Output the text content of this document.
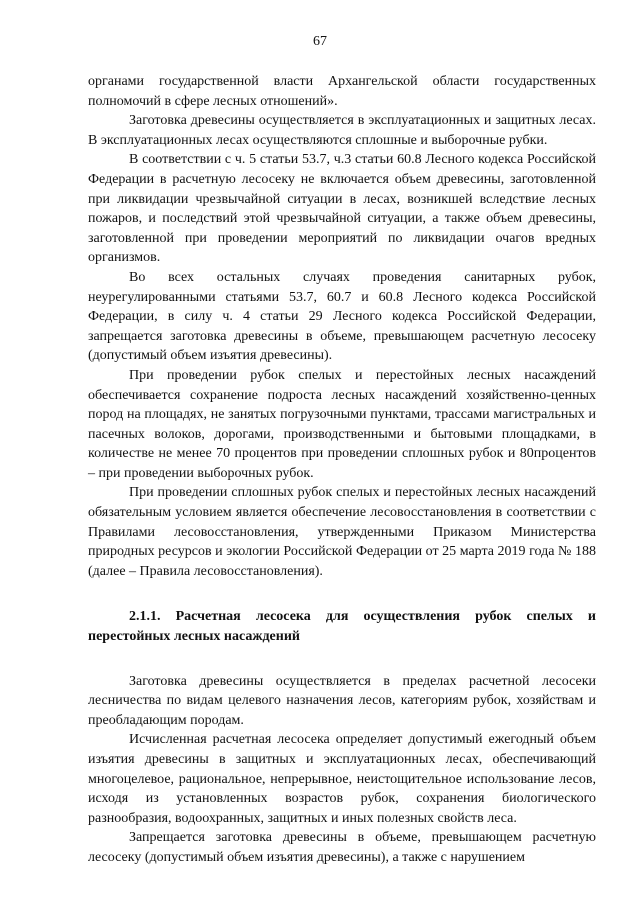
67

органами государственной власти Архангельской области государственных полномочий в сфере лесных отношений».

Заготовка древесины осуществляется в эксплуатационных и защитных лесах. В эксплуатационных лесах осуществляются сплошные и выборочные рубки.

В соответствии с ч. 5 статьи 53.7, ч.3 статьи 60.8 Лесного кодекса Российской Федерации в расчетную лесосеку не включается объем древесины, заготовленной при ликвидации чрезвычайной ситуации в лесах, возникшей вследствие лесных пожаров, и последствий этой чрезвычайной ситуации, а также объем древесины, заготовленной при проведении мероприятий по ликвидации очагов вредных организмов.

Во всех остальных случаях проведения санитарных рубок, неурегулированными статьями 53.7, 60.7 и 60.8 Лесного кодекса Российской Федерации, в силу ч. 4 статьи 29 Лесного кодекса Российской Федерации, запрещается заготовка древесины в объеме, превышающем расчетную лесосеку (допустимый объем изъятия древесины).

При проведении рубок спелых и перестойных лесных насаждений обеспечивается сохранение подроста лесных насаждений хозяйственно-ценных пород на площадях, не занятых погрузочными пунктами, трассами магистральных и пасечных волоков, дорогами, производственными и бытовыми площадками, в количестве не менее 70 процентов при проведении сплошных рубок и 80процентов – при проведении выборочных рубок.

При проведении сплошных рубок спелых и перестойных лесных насаждений обязательным условием является обеспечение лесовосстановления в соответствии с Правилами лесовосстановления, утвержденными Приказом Министерства природных ресурсов и экологии Российской Федерации от 25 марта 2019 года № 188 (далее – Правила лесовосстановления).

2.1.1. Расчетная лесосека для осуществления рубок спелых и перестойных лесных насаждений

Заготовка древесины осуществляется в пределах расчетной лесосеки лесничества по видам целевого назначения лесов, категориям рубок, хозяйствам и преобладающим породам.

Исчисленная расчетная лесосека определяет допустимый ежегодный объем изъятия древесины в защитных и эксплуатационных лесах, обеспечивающий многоцелевое, рациональное, непрерывное, неистощительное использование лесов, исходя из установленных возрастов рубок, сохранения биологического разнообразия, водоохранных, защитных и иных полезных свойств леса.

Запрещается заготовка древесины в объеме, превышающем расчетную лесосеку (допустимый объем изъятия древесины), а также с нарушением
